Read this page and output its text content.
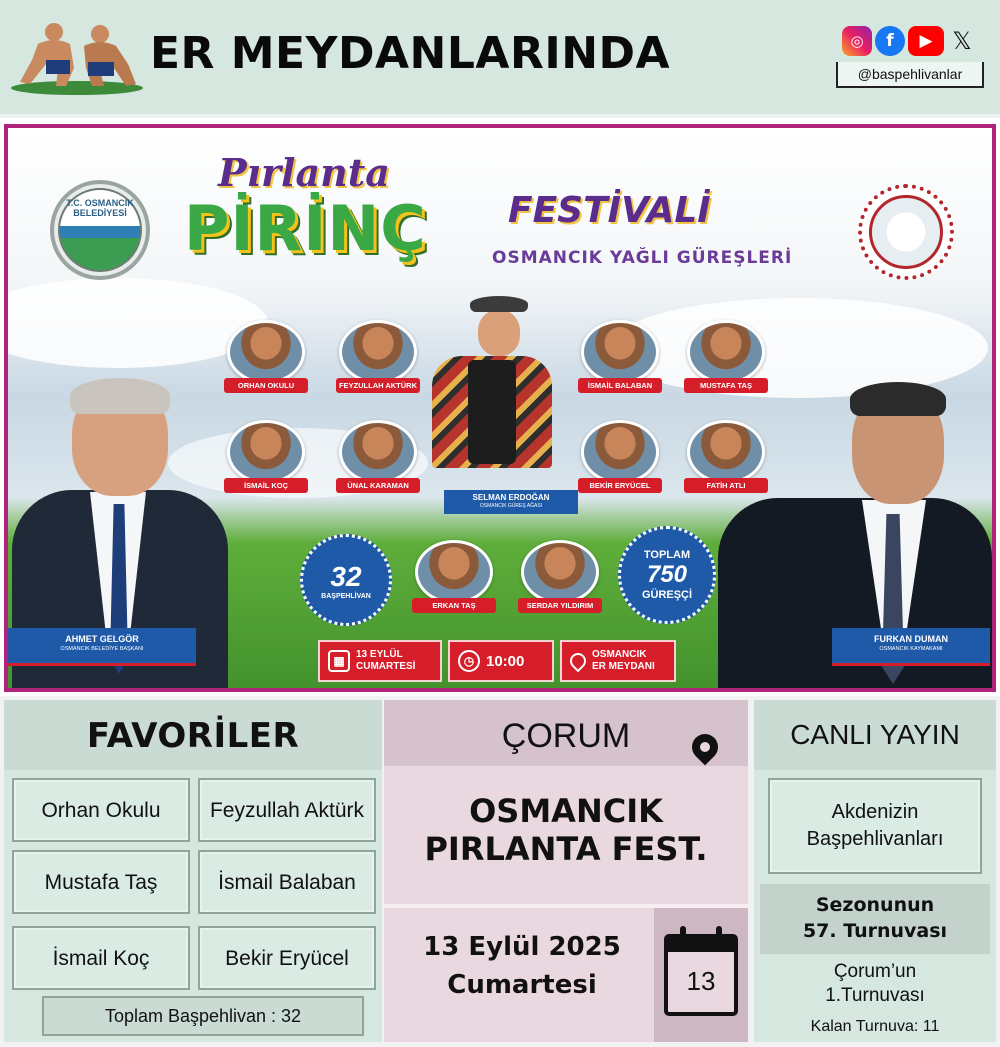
ER MEYDANLARINDA	◎	f	▶ 𝕏
@baspehlivanlar
T.C. OSMANCIK BELEDİYESİ
Pırlanta
PİRİNÇ FESTİVALİ
OSMANCIK YAĞLI GÜREŞLERİ
ORHAN OKULU	FEYZULLAH AKTÜRK	İSMAİL BALABAN	MUSTAFA TAŞ
İSMAİL KOÇ	ÜNAL KARAMAN	BEKİR ERYÜCEL	FATİH ATLI
ERKAN TAŞ	SERDAR YILDIRIM
SELMAN ERDOĞAN
OSMANCIK GÜREŞ AĞASI
32
BAŞPEHLİVAN
TOPLAM
750
GÜREŞÇİ
AHMET GELGÖR
OSMANCIK BELEDİYE BAŞKANI
FURKAN DUMAN
OSMANCIK KAYMAKAMI
▦	13 EYLÜL
CUMARTESİ	◷ 10:00	OSMANCIK
ER MEYDANI
FAVORİLER
Orhan Okulu	Feyzullah Aktürk
Mustafa Taş	İsmail Balaban
İsmail Koç	Bekir Eryücel
Toplam Başpehlivan : 32
ÇORUM
OSMANCIK
PIRLANTA FEST.
13 Eylül 2025
Cumartesi	13
CANLI YAYIN
Akdenizin
Başpehlivanları
Sezonunun
57. Turnuvası
Çorum’un
1.Turnuvası
Kalan Turnuva: 11
